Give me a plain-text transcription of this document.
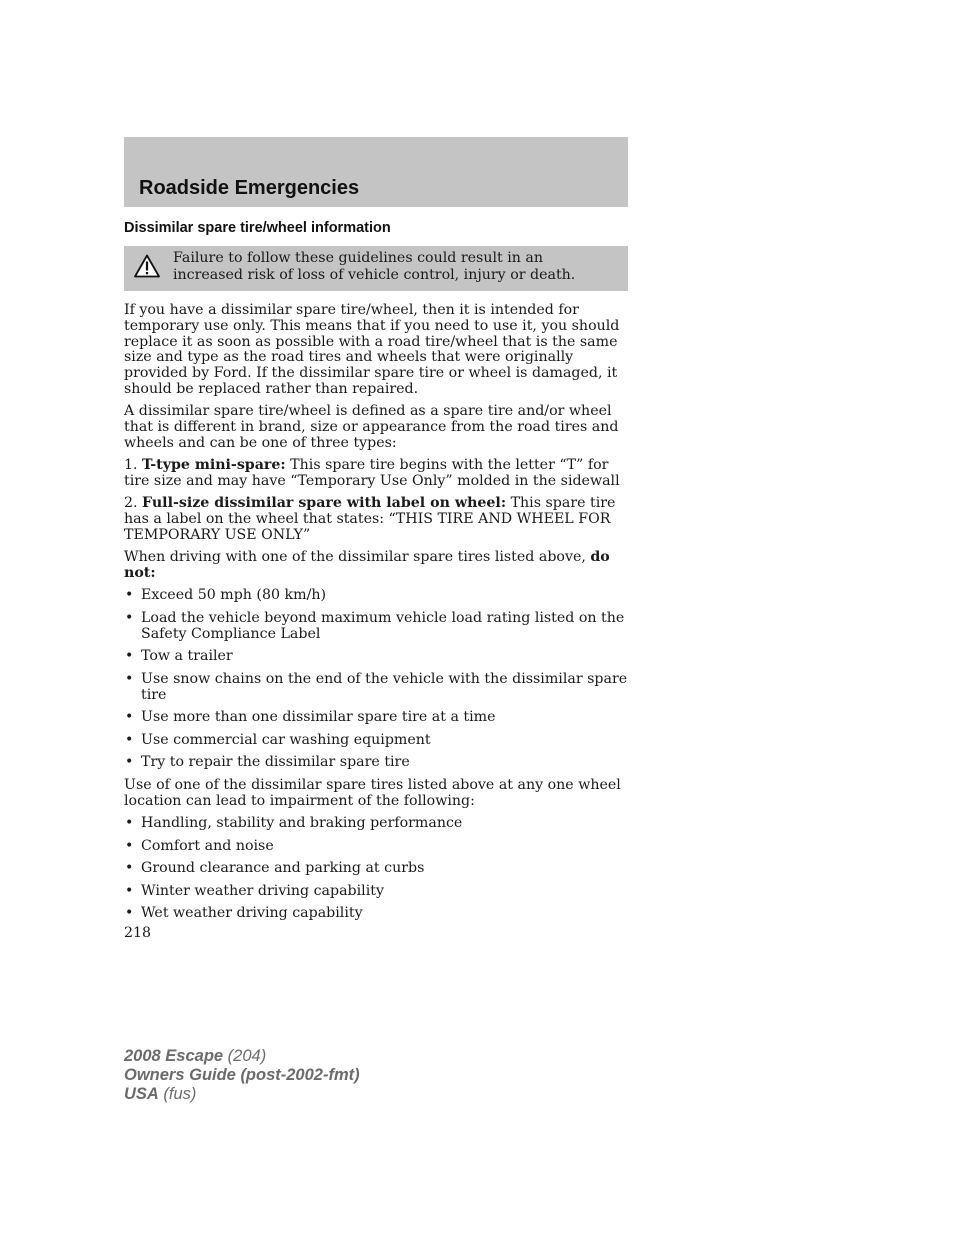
Roadside Emergencies
Dissimilar spare tire/wheel information
Failure to follow these guidelines could result in an increased risk of loss of vehicle control, injury or death.

If you have a dissimilar spare tire/wheel, then it is intended for temporary use only. This means that if you need to use it, you should replace it as soon as possible with a road tire/wheel that is the same size and type as the road tires and wheels that were originally provided by Ford. If the dissimilar spare tire or wheel is damaged, it should be replaced rather than repaired.

A dissimilar spare tire/wheel is defined as a spare tire and/or wheel that is different in brand, size or appearance from the road tires and wheels and can be one of three types:

1. T-type mini-spare: This spare tire begins with the letter “T” for tire size and may have “Temporary Use Only” molded in the sidewall

2. Full-size dissimilar spare with label on wheel: This spare tire has a label on the wheel that states: “THIS TIRE AND WHEEL FOR TEMPORARY USE ONLY”

When driving with one of the dissimilar spare tires listed above, do not:

• Exceed 50 mph (80 km/h)
• Load the vehicle beyond maximum vehicle load rating listed on the Safety Compliance Label
• Tow a trailer
• Use snow chains on the end of the vehicle with the dissimilar spare tire
• Use more than one dissimilar spare tire at a time
• Use commercial car washing equipment
• Try to repair the dissimilar spare tire

Use of one of the dissimilar spare tires listed above at any one wheel location can lead to impairment of the following:

• Handling, stability and braking performance
• Comfort and noise
• Ground clearance and parking at curbs
• Winter weather driving capability
• Wet weather driving capability
218
2008 Escape (204)
Owners Guide (post-2002-fmt)
USA (fus)
